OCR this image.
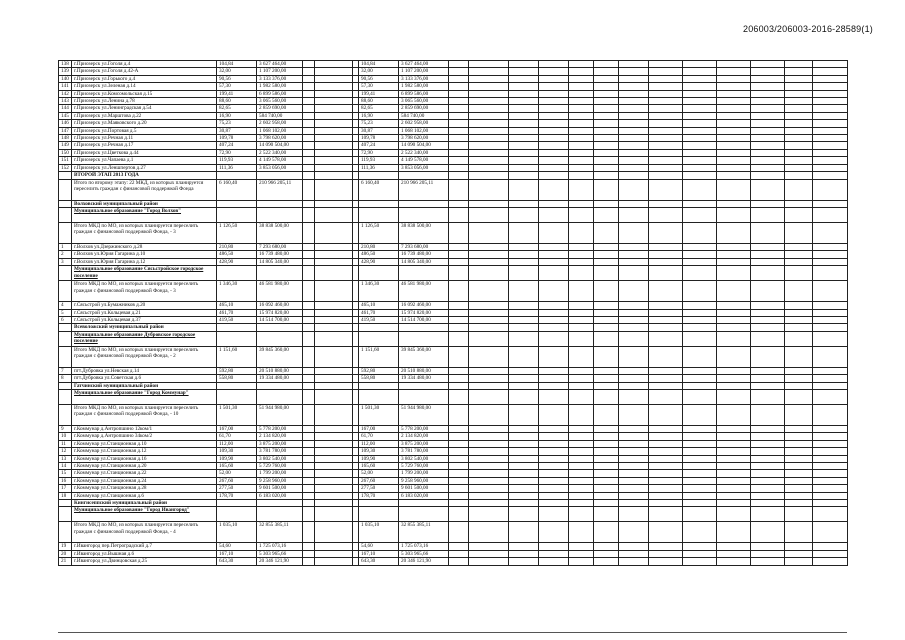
206003/206003-2016-28589(1)
138	г.Приозерск ул.Гоголя д.4	104,84	3 627 464,00				104,84	3 627 464,00													
139	г.Приозерск ул.Гоголя д.42-А	32,00	1 107 200,00				32,00	1 107 200,00													
140	г.Приозерск ул.Горького д.4	90,56	3 133 376,00				90,56	3 133 376,00													
141	г.Приозерск ул.Зеленая д.14	57,30	1 982 580,00				57,30	1 982 580,00													
142	г.Приозерск ул.Комсомольская д.15	199,41	6 899 586,00				199,41	6 899 586,00													
143	г.Приозерск ул.Ленина д.78	88,60	3 065 560,00				88,60	3 065 560,00													
144	г.Приозерск ул.Ленинградская д.54	82,65	2 859 690,00				82,65	2 859 690,00													
145	г.Приозерск ул.Марштова д.22	16,90	584 740,00				16,90	584 740,00													
146	г.Приозерск ул.Маяковского д.20	75,23	2 602 958,00				75,23	2 602 958,00													
147	г.Приозерск ул.Портовая д.5	30,87	1 068 102,00				30,87	1 068 102,00													
148	г.Приозерск ул.Речная д.11	109,78	3 798 620,00				109,78	3 798 620,00													
149	г.Приозерск ул.Речная д.17	407,24	14 090 504,00				407,24	14 090 504,00													
150	г.Приозерск ул.Цветкова д.44	72,90	2 522 340,00				72,90	2 522 340,00													
151	г.Приозерск ул.Чапаева д.1	119,93	4 149 578,00				119,93	4 149 578,00													
152	г.Приозерск ул.Леншпертов д.27	111,36	3 853 056,00				111,36	3 853 056,00													
	ВТОРОЙ ЭТАП 2013 ГОДА																				
	Итого по второму этапу: 22 МКД, из которых планируется переселить граждан с финансовой поддержкой Фонда	6 160,40	210 966 205,11				6 160,40	210 966 205,11													
	Волховский муниципальный район																				
	Муниципальное образование "Город Волхов"																				
	Итого МКД по МО, из которых планируется переселить граждан с финансовой поддержкой Фонда, - 3	1 126,50	38 838 500,00				1 126,50	38 838 500,00													
1	г.Волхов ул.Дзержинского д.28	210,80	7 293 680,00				210,80	7 293 680,00													
2	г.Волхов ул.Юрия Гагарина д.10	486,50	16 739 480,00				486,50	16 739 480,00													
3	г.Волхов ул.Юрия Гагарина д.12	428,90	14 805 340,00				428,90	14 805 340,00													
	Муниципальное образование Сясьстройское городское поселение																				
	Итого МКД по МО, из которых планируется переселить граждан с финансовой поддержкой Фонда, - 3	1 346,30	46 581 980,00				1 346,30	46 581 980,00													
4	г.Сясьстрой ул.Бумажников д.20	465,10	16 092 460,00				465,10	16 092 460,00													
5	г.Сясьстрой ул.Кольцевая д.21	461,70	15 974 820,00				461,70	15 974 820,00													
6	г.Сясьстрой ул.Кольцевая д.37	419,50	14 514 700,00				419,50	14 514 700,00													
	Всеволожский муниципальный район																				
	Муниципальное образование Дубровское городское поселение																				
	Итого МКД по МО, из которых планируется переселить граждан с финансовой поддержкой Фонда, - 2	1 151,60	39 845 360,00				1 151,60	39 845 360,00													
7	пгт.Дубровка ул.Невская д.14	592,80	20 510 880,00				592,80	20 510 880,00													
8	пгт.Дубровка ул.Советская д.6	558,80	19 334 480,00				558,80	19 334 480,00													
	Гатчинский муниципальный район																				
	Муниципальное образование "Город Коммунар"																				
	Итого МКД по МО, из которых планируется переселить граждан с финансовой поддержкой Фонда, - 10	1 501,30	51 944 980,00				1 501,30	51 944 980,00													
9	г.Коммунар д.Антропшино 12ком/1	167,00	5 778 200,00				167,00	5 778 200,00													
10	г.Коммунар д.Антропшино 34ком/2	61,70	2 134 820,00				61,70	2 134 820,00													
11	г.Коммунар ул.Станционная д.10	112,00	3 875 200,00				112,00	3 875 200,00													
12	г.Коммунар ул.Станционная д.12	109,30	3 781 780,00				109,30	3 781 780,00													
13	г.Коммунар ул.Станционная д.16	109,90	3 802 540,00				109,90	3 802 540,00													
14	г.Коммунар ул.Станционная д.20	165,60	5 729 760,00				165,60	5 729 760,00													
15	г.Коммунар ул.Станционная д.22	52,00	1 799 200,00				52,00	1 799 200,00													
16	г.Коммунар ул.Станционная д.24	267,60	9 258 960,00				267,60	9 258 960,00													
17	г.Коммунар ул.Станционная д.28	277,50	9 601 500,00				277,50	9 601 500,00													
18	г.Коммунар ул.Станционная д.6	178,70	6 183 020,00				178,70	6 183 020,00													
	Кингисеппский муниципальный район																				
	Муниципальное образование "Город Ивангород"																				
	Итого МКД по МО, из которых планируется переселить граждан с финансовой поддержкой Фонда, - 4	1 035,10	32 855 385,11				1 035,10	32 855 385,11													
19	г.Ивангород пер.Петроградский д.7	54,60	1 725 073,16				54,60	1 725 073,16													
20	г.Ивангород ул.Вышная д.6	167,10	5 303 965,66				167,10	5 303 965,66													
21	г.Ивангород ул.Двинцовская д.25	643,30	20 346 121,90				643,30	20 346 121,90													
